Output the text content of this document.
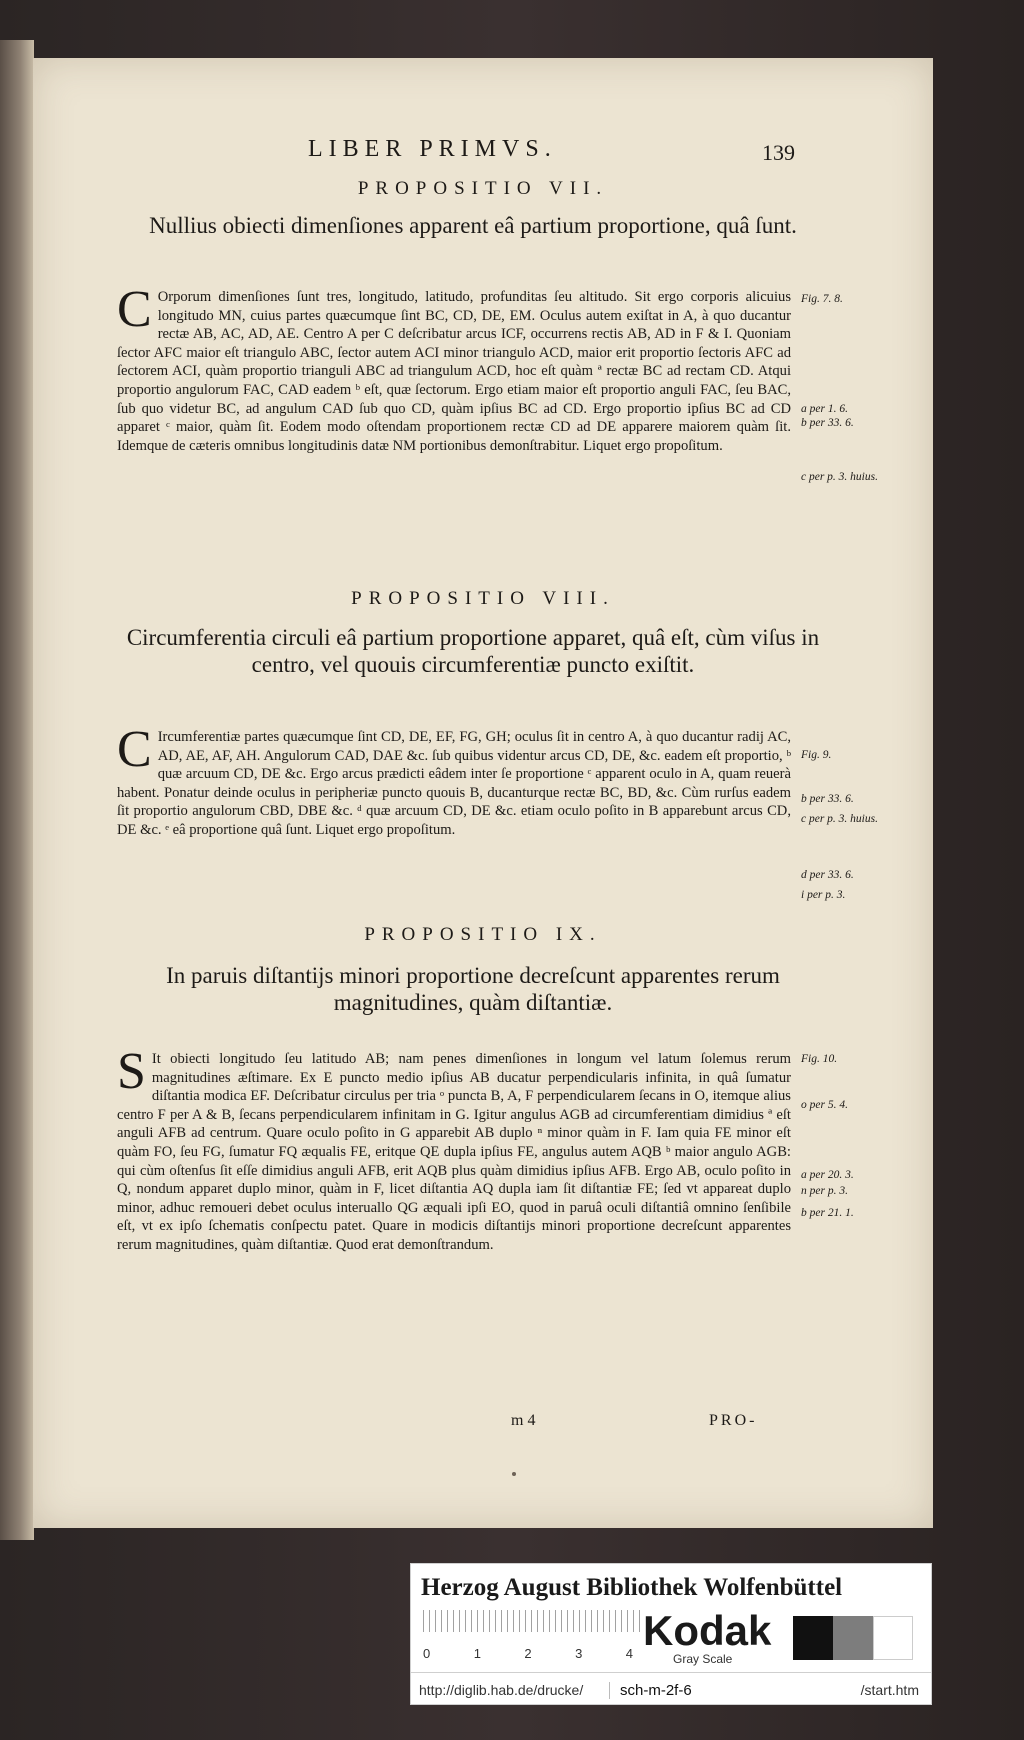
LIBER PRIMVS.	139
PROPOSITIO VII.
Nullius obiecti dimenſiones apparent eâ partium proportione, quâ ſunt.
C Orporum dimenſiones ſunt tres, longitudo, latitudo, profunditas ſeu altitudo. Sit ergo corporis alicuius longitudo MN, cuius partes quæcumque ſint BC, CD, DE, EM. Oculus autem exiſtat in A, à quo ducantur rectæ AB, AC, AD, AE. Centro A per C deſcribatur arcus ICF, occurrens rectis AB, AD in F & I. Quoniam ſector AFC maior eſt triangulo ABC, ſector autem ACI minor triangulo ACD, maior erit proportio ſectoris AFC ad ſectorem ACI, quàm proportio trianguli ABC ad triangulum ACD, hoc eſt quàm ª rectæ BC ad rectam CD. Atqui proportio angulorum FAC, CAD eadem ᵇ eſt, quæ ſectorum. Ergo etiam maior eſt proportio anguli FAC, ſeu BAC, ſub quo videtur BC, ad angulum CAD ſub quo CD, quàm ipſius BC ad CD. Ergo proportio ipſius BC ad CD apparet ᶜ maior, quàm ſit. Eodem modo oſtendam proportionem rectæ CD ad DE apparere maiorem quàm ſit. Idemque de cæteris omnibus longitudinis datæ NM portionibus demonſtrabitur. Liquet ergo propoſitum.
Fig. 7. 8.
a per 1. 6.
b per 33. 6.
c per p. 3. huius.
PROPOSITIO VIII.
Circumferentia circuli eâ partium proportione apparet, quâ eſt, cùm viſus in centro, vel quouis circumferentiæ puncto exiſtit.
C Ircumferentiæ partes quæcumque ſint CD, DE, EF, FG, GH; oculus ſit in centro A, à quo ducantur radij AC, AD, AE, AF, AH. Angulorum CAD, DAE &c. ſub quibus videntur arcus CD, DE, &c. eadem eſt proportio, ᵇ quæ arcuum CD, DE &c. Ergo arcus prædicti eâdem inter ſe proportione ᶜ apparent oculo in A, quam reuerà habent. Ponatur deinde oculus in peripheriæ puncto quouis B, ducanturque rectæ BC, BD, &c. Cùm rurſus eadem ſit proportio angulorum CBD, DBE &c. ᵈ quæ arcuum CD, DE &c. etiam oculo poſito in B apparebunt arcus CD, DE &c. ᵉ eâ proportione quâ ſunt. Liquet ergo propoſitum.
Fig. 9.
b per 33. 6.
c per p. 3. huius.
d per 33. 6.
i per p. 3.
PROPOSITIO IX.
In paruis diſtantijs minori proportione decreſcunt apparentes rerum magnitudines, quàm diſtantiæ.
S It obiecti longitudo ſeu latitudo AB; nam penes dimenſiones in longum vel latum ſolemus rerum magnitudines æſtimare. Ex E puncto medio ipſius AB ducatur perpendicularis infinita, in quâ ſumatur diſtantia modica EF. Deſcribatur circulus per tria ᵒ puncta B, A, F perpendicularem ſecans in O, itemque alius centro F per A & B, ſecans perpendicularem infinitam in G. Igitur angulus AGB ad circumferentiam dimidius ª eſt anguli AFB ad centrum. Quare oculo poſito in G apparebit AB duplo ⁿ minor quàm in F. Iam quia FE minor eſt quàm FO, ſeu FG, ſumatur FQ æqualis FE, eritque QE dupla ipſius FE, angulus autem AQB ᵇ maior angulo AGB: qui cùm oſtenſus ſit eſſe dimidius anguli AFB, erit AQB plus quàm dimidius ipſius AFB. Ergo AB, oculo poſito in Q, nondum apparet duplo minor, quàm in F, licet diſtantia AQ dupla iam ſit diſtantiæ FE; ſed vt appareat duplo minor, adhuc remoueri debet oculus interuallo QG æquali ipſi EO, quod in paruâ oculi diſtantiâ omnino ſenſibile eſt, vt ex ipſo ſchematis conſpectu patet. Quare in modicis diſtantijs minori proportione decreſcunt apparentes rerum magnitudines, quàm diſtantiæ. Quod erat demonſtrandum.
Fig. 10.
o per 5. 4.
a per 20. 3.
n per p. 3.
b per 21. 1.
m 4	PRO-
Herzog August Bibliothek Wolfenbüttel
0	1	2	3	4 Kodak
Gray Scale
http://diglib.hab.de/drucke/	sch-m-2f-6	/start.htm
